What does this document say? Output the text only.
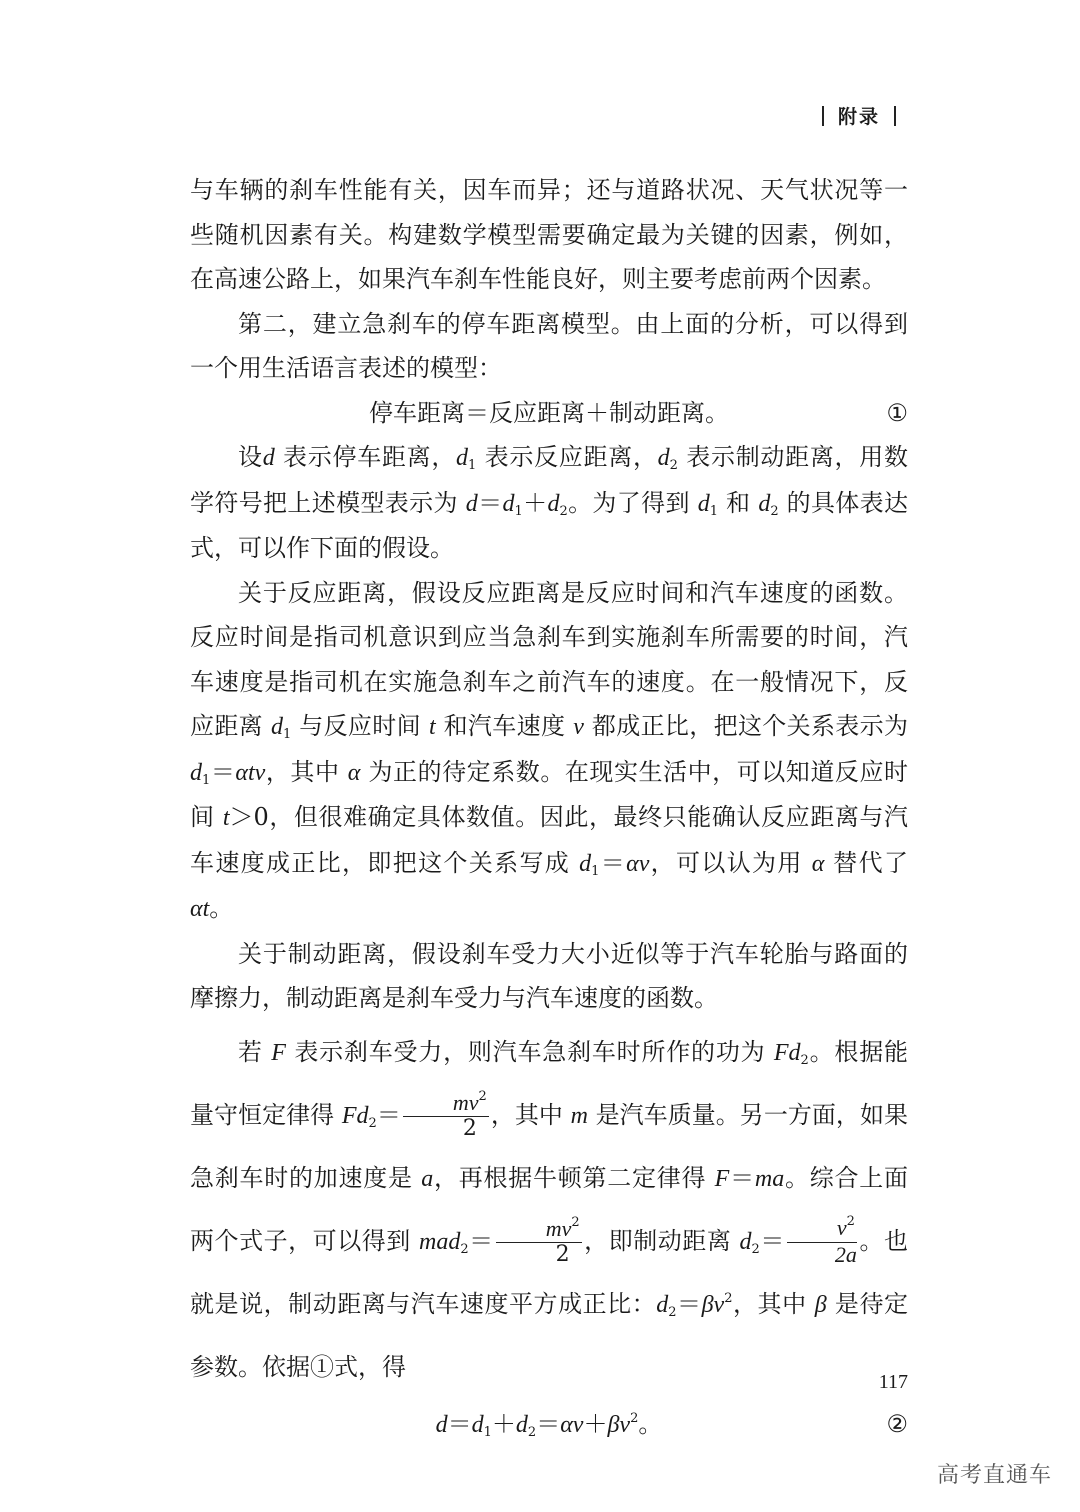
附录

与车辆的刹车性能有关，因车而异；还与道路状况、天气状况等一些随机因素有关。构建数学模型需要确定最为关键的因素，例如，在高速公路上，如果汽车刹车性能良好，则主要考虑前两个因素。

第二，建立急刹车的停车距离模型。由上面的分析，可以得到一个用生活语言表述的模型：

停车距离＝反应距离＋制动距离。	①

设d 表示停车距离，$d_1$ 表示反应距离，$d_2$ 表示制动距离，用数学符号把上述模型表示为 $d=d_1+d_2$。为了得到 $d_1$ 和 $d_2$ 的具体表达式，可以作下面的假设。

关于反应距离，假设反应距离是反应时间和汽车速度的函数。反应时间是指司机意识到应当急刹车到实施刹车所需要的时间，汽车速度是指司机在实施急刹车之前汽车的速度。在一般情况下，反应距离 $d_1$ 与反应时间 t 和汽车速度 v 都成正比，把这个关系表示为 $d_1=\alpha tv$，其中 α 为正的待定系数。在现实生活中，可以知道反应时间 t＞0，但很难确定具体数值。因此，最终只能确认反应距离与汽车速度成正比，即把这个关系写成 $d_1=\alpha v$，可以认为用 α 替代了 αt。

关于制动距离，假设刹车受力大小近似等于汽车轮胎与路面的摩擦力，制动距离是刹车受力与汽车速度的函数。

若 F 表示刹车受力，则汽车急刹车时所作的功为 $Fd_2$。根据能量守恒定律得 $Fd_2= \frac{mv^2}{2}$ ，其中 m 是汽车质量。另一方面，如果急刹车时的加速度是 a，再根据牛顿第二定律得 F＝ma。综合上面两个式子，可以得到 $mad_2= \frac{mv^2}{2}$ ，即制动距离 $d_2= \frac{v^2}{2a}$ 。也就是说，制动距离与汽车速度平方成正比：$d_2=\beta v^2$，其中 β 是待定参数。依据①式，得

$d=d_1+d_2=\alpha v+\beta v^2$。	②
117
高考直通车
